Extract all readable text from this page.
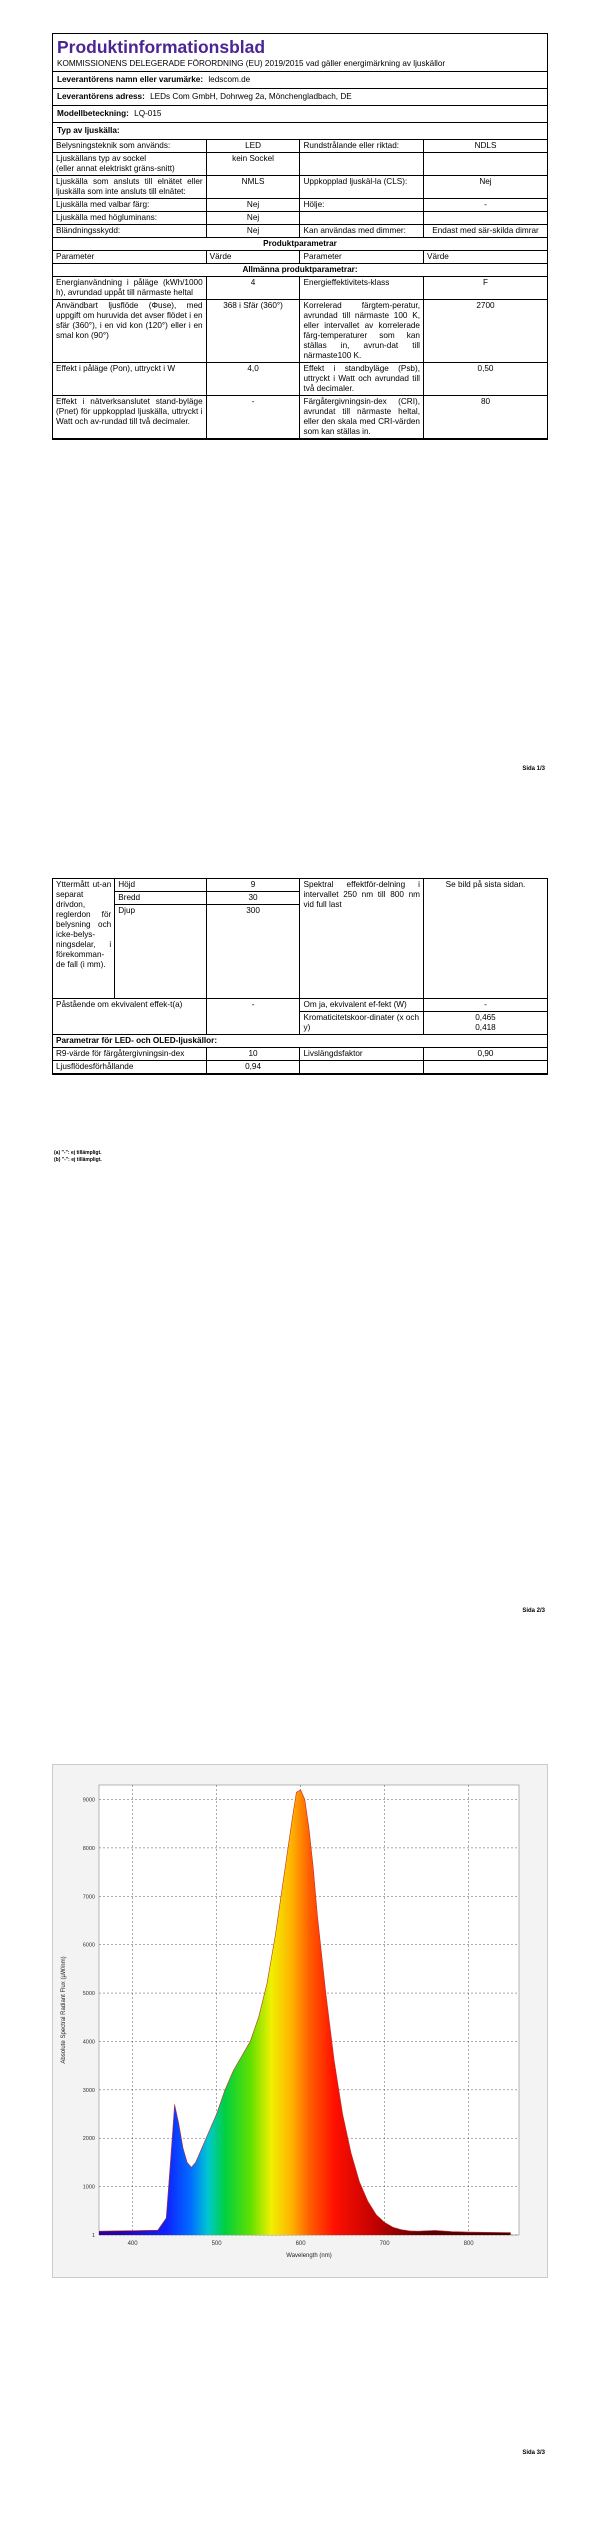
Produktinformationsblad
KOMMISSIONENS DELEGERADE FÖRORDNING (EU) 2019/2015 vad gäller energimärkning av ljuskällor
Leverantörens namn eller varumärke: ledscom.de
Leverantörens adress: LEDs Com GmbH, Dohrweg 2a, Mönchengladbach, DE
Modellbeteckning: LQ-015
Typ av ljuskälla:
Belysningsteknik som används:	LED	Rundstrålande eller riktad:	NDLS
Ljuskällans typ av sockel
(eller annat elektriskt gräns-snitt)	kein Sockel		
Ljuskälla som ansluts till elnätet eller ljuskälla som inte ansluts till elnätet:	NMLS	Uppkopplad ljuskäl-la (CLS):	Nej
Ljuskälla med valbar färg:	Nej	Hölje:	-
Ljuskälla med högluminans:	Nej		
Bländningsskydd:	Nej	Kan användas med dimmer:	Endast med sär-skilda dimrar
Produktparametrar			
Parameter	Värde	Parameter	Värde
Allmänna produktparametrar:			
Energianvändning i påläge (kWh/1000 h), avrundad uppåt till närmaste heltal	4	Energieffektivitets-klass	F
Användbart ljusflöde (Φuse), med uppgift om huruvida det avser flödet i en sfär (360°), i en vid kon (120°) eller i en smal kon (90°)	368 i Sfär (360°)	Korrelerad färgtem-peratur, avrundad till närmaste 100 K, eller intervallet av korrelerade färg-temperaturer som kan ställas in, avrun-dat till närmaste100 K.	2700
Effekt i påläge (Pon), uttryckt i W	4,0	Effekt i standbyläge (Psb), uttryckt i Watt och avrundad till två decimaler.	0,50
Effekt i nätverksanslutet stand-byläge (Pnet) för uppkopplad ljuskälla, uttryckt i Watt och av-rundad till två decimaler.	-	Färgåtergivningsin-dex (CRI), avrundat till närmaste heltal, eller den skala med CRI-värden som kan ställas in.	80
Sida 1/3
Yttermått ut-an separat drivdon, reglerdon för belysning och icke-belys-ningsdelar, i förekomman-de fall (i mm).	Höjd	9	Spektral effektför-delning i intervallet 250 nm till 800 nm vid full last	Se bild på sista sidan.
	Bredd	30		
	Djup	300		
Påstående om ekvivalent effek-t(a)		-	Om ja, ekvivalent ef-fekt (W)	-
			Kromaticitetskoor-dinater (x och y)	0,465
0,418

Parametrar för LED- och OLED-ljuskällor:				
R9-värde för färgåtergivningsin-dex		10	Livslängdsfaktor	0,90
Ljusflödesförhållande		0,94		
(a) "-": ej tillämpligt.
(b) "-": ej tillämpligt.
Sida 2/3
400	500	600	700	800
1
1000
2000
3000
4000
5000
6000
7000
8000
9000
Wavelength (nm)
Absolute Spectral Radiant Flux (µW/nm)
Sida 3/3
